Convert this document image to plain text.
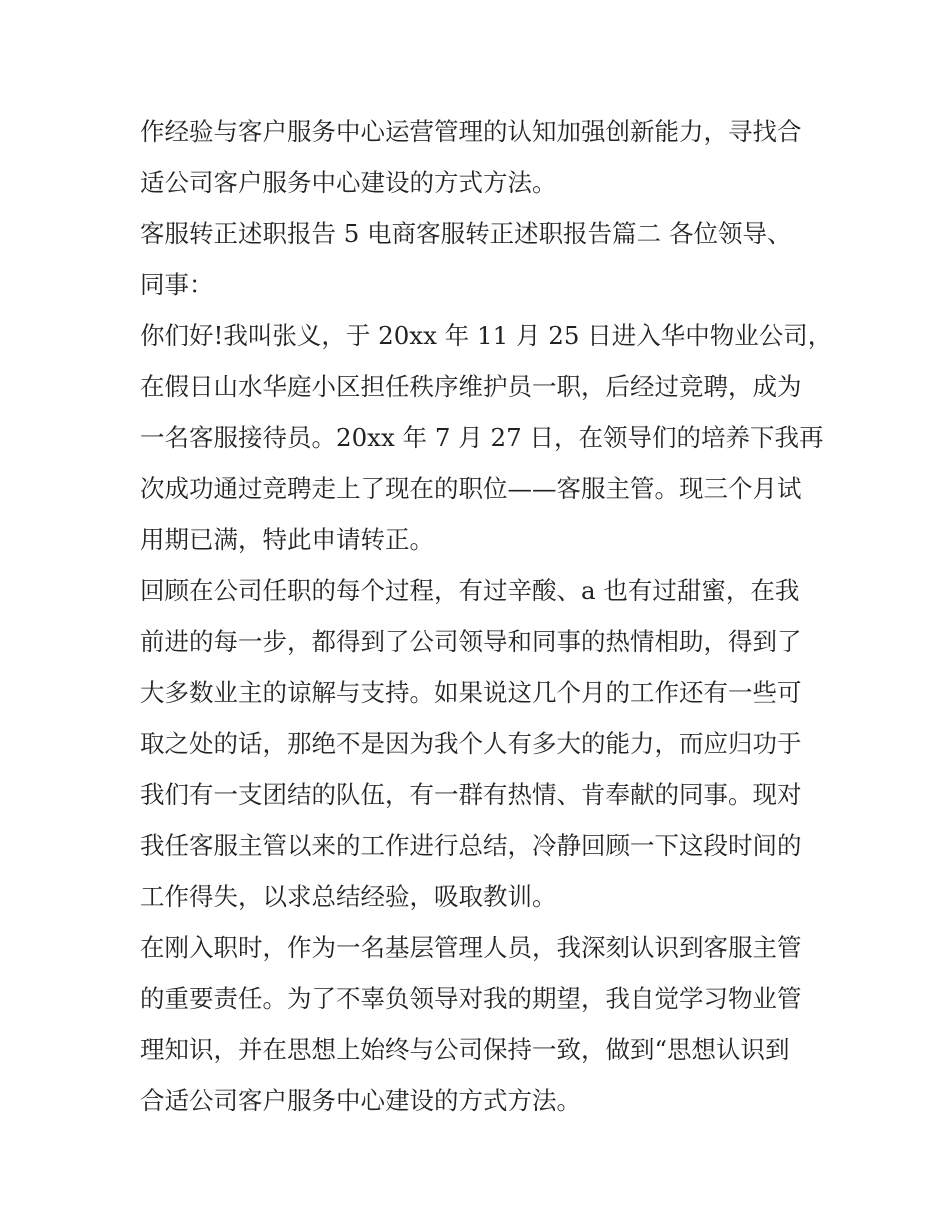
作经验与客户服务中心运营管理的认知加强创新能力，寻找合
适公司客户服务中心建设的方式方法。
客服转正述职报告 5 电商客服转正述职报告篇二 各位领导、
同事：
你们好!我叫张义，于 20xx 年 11 月 25 日进入华中物业公司，
在假日山水华庭小区担任秩序维护员一职，后经过竞聘，成为
一名客服接待员。20xx 年 7 月 27 日，在领导们的培养下我再
次成功通过竞聘走上了现在的职位——客服主管。现三个月试
用期已满，特此申请转正。
回顾在公司任职的每个过程，有过辛酸、a 也有过甜蜜，在我
前进的每一步，都得到了公司领导和同事的热情相助，得到了
大多数业主的谅解与支持。如果说这几个月的工作还有一些可
取之处的话，那绝不是因为我个人有多大的能力，而应归功于
我们有一支团结的队伍，有一群有热情、肯奉献的同事。现对
我任客服主管以来的工作进行总结，冷静回顾一下这段时间的
工作得失，以求总结经验，吸取教训。
在刚入职时，作为一名基层管理人员，我深刻认识到客服主管
的重要责任。为了不辜负领导对我的期望，我自觉学习物业管
理知识，并在思想上始终与公司保持一致，做到“思想认识到
合适公司客户服务中心建设的方式方法。
